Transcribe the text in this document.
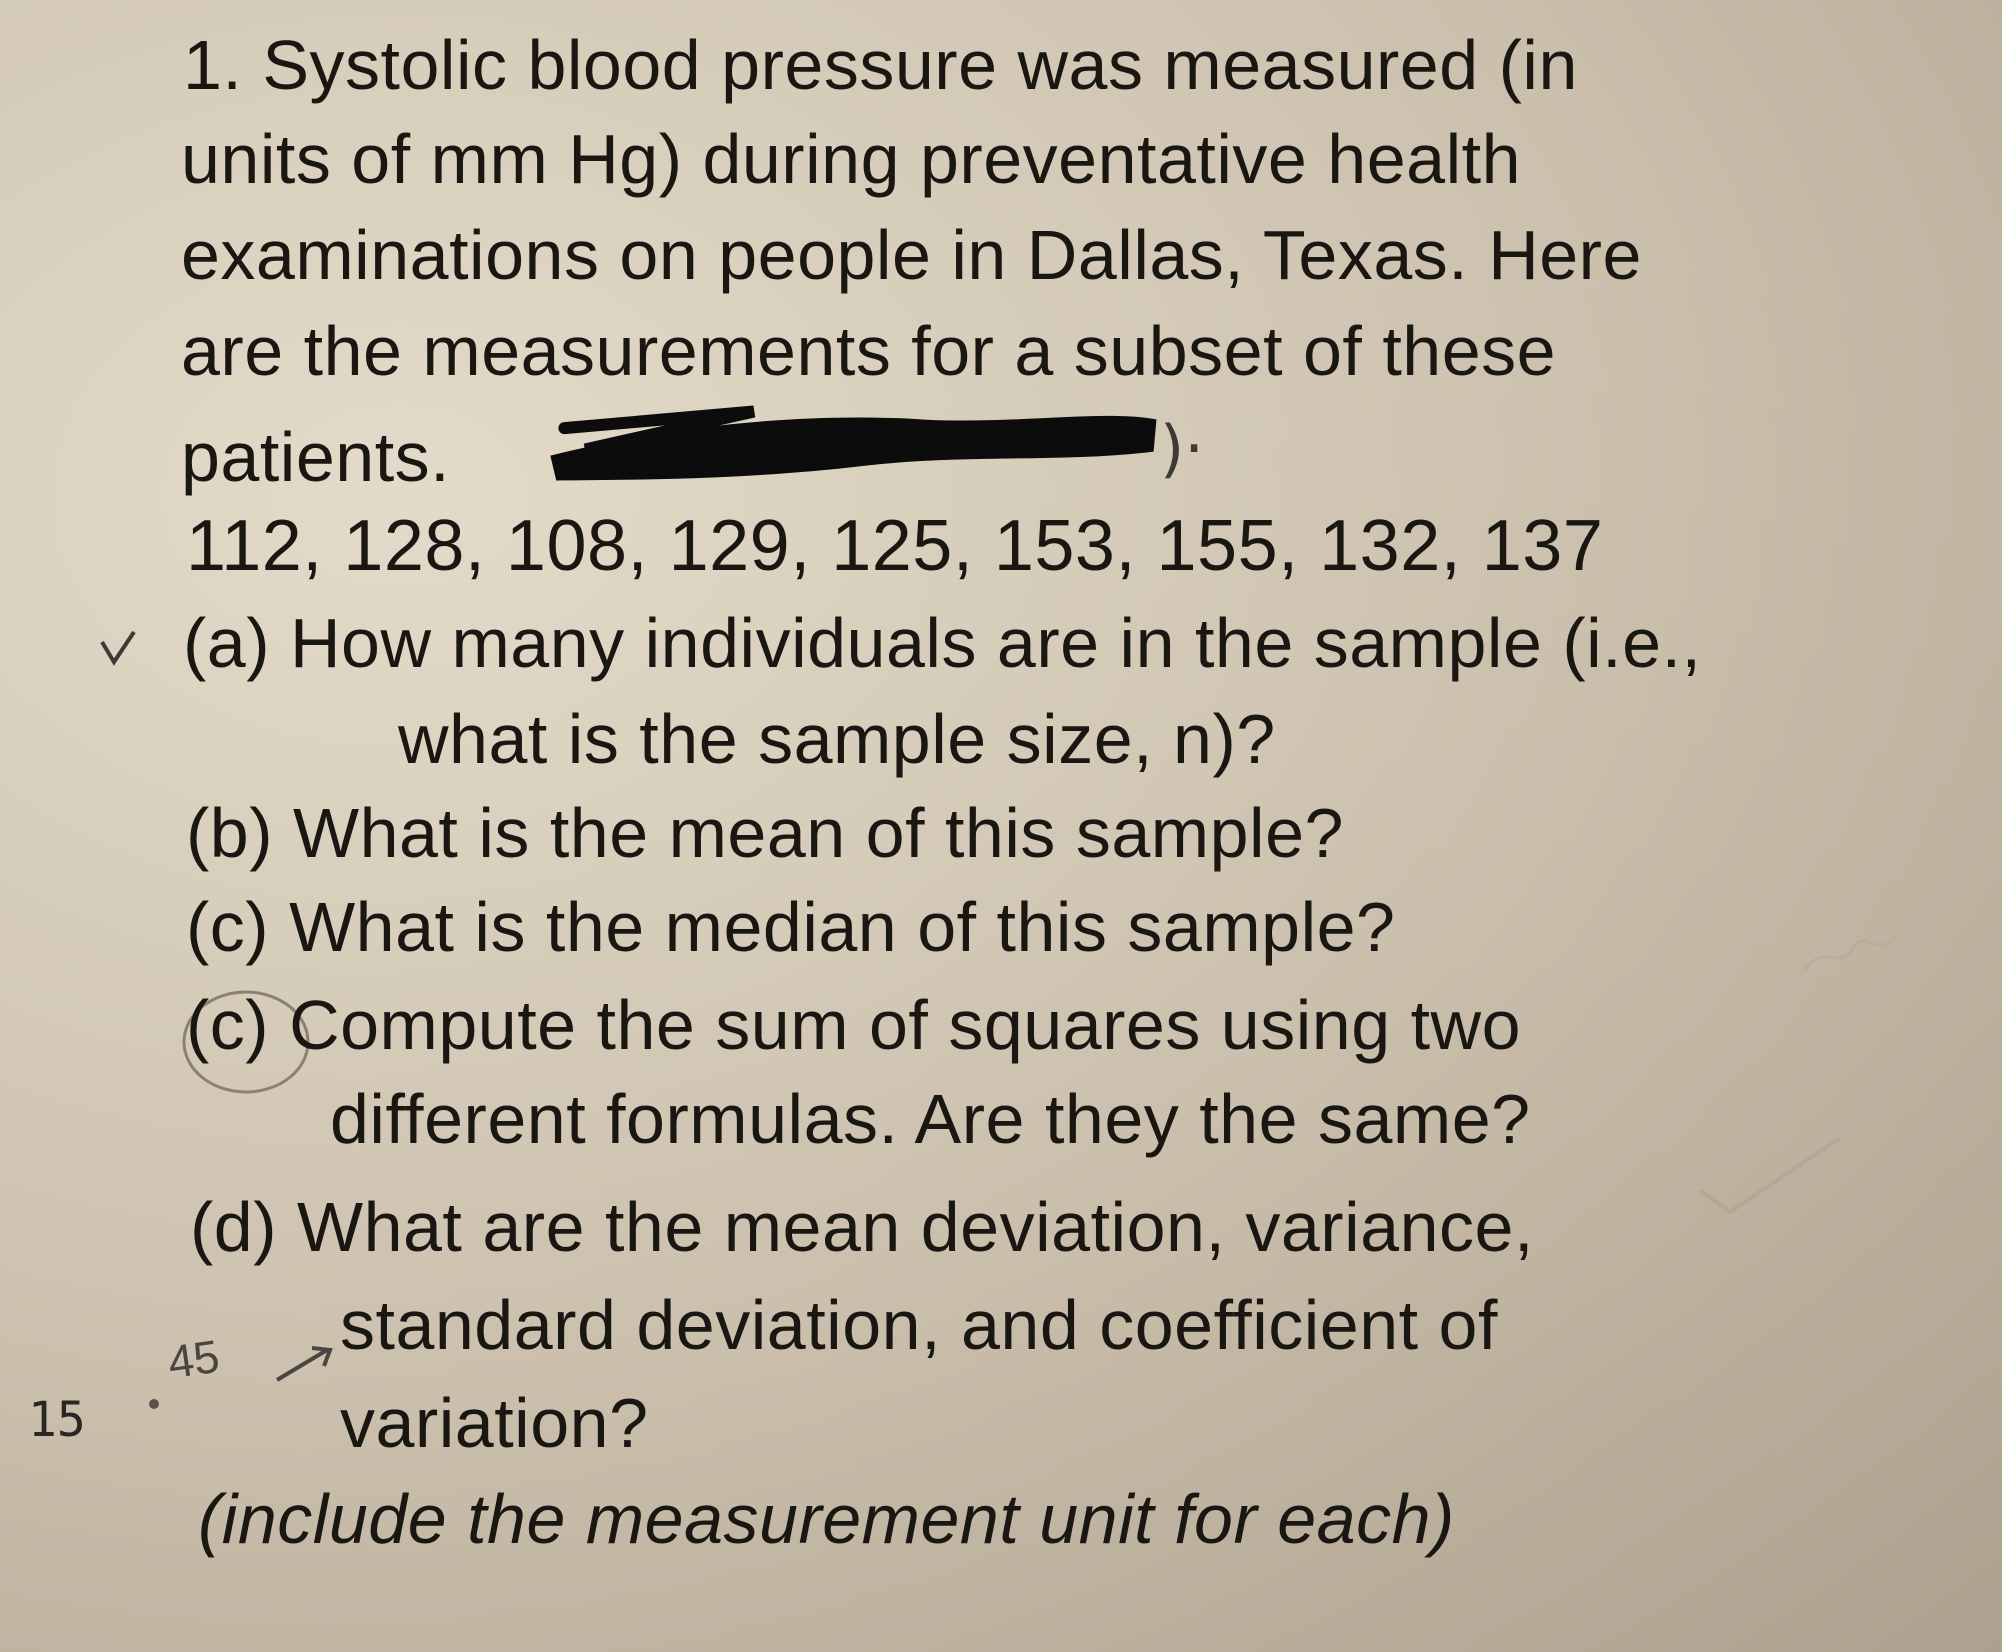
1. Systolic blood pressure was measured (in
units of mm Hg) during preventative health
examinations on people in Dallas, Texas. Here
are the measurements for a subset of these
patients.	)·
112, 128, 108, 129, 125, 153, 155, 132, 137
(a) How many individuals are in the sample (i.e.,
what is the sample size, n)?
(b) What is the mean of this sample?
(c) What is the median of this sample?
(c) Compute the sum of squares using two
different formulas. Are they the same?
(d) What are the mean deviation, variance,
standard deviation, and coefficient of
variation?
(include the measurement unit for each)
15
45
